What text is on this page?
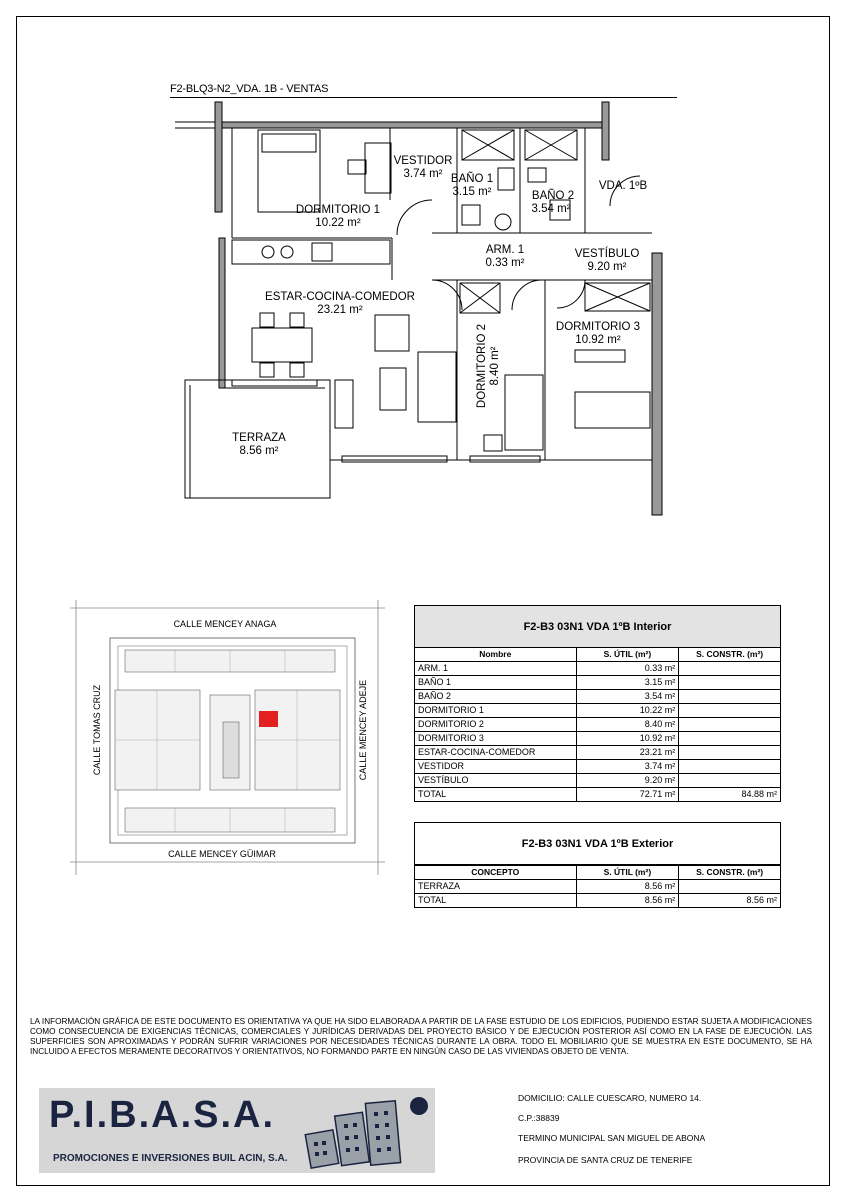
F2-BLQ3-N2_VDA. 1B - VENTAS
VESTIDOR
3.74 m² BAÑO 1
3.15 m²	BAÑO 2
3.54 m²
DORMITORIO 1
10.22 m²
VDA. 1ºB
ARM. 1
0.33 m²
VESTÍBULO
9.20 m²
ESTAR-COCINA-COMEDOR
23.21 m²
DORMITORIO 3
10.92 m²
TERRAZA
8.56 m²
DORMITORIO 2 8.40 m²
CALLE MENCEY ANAGA
CALLE MENCEY GÜIMAR
CALLE TOMAS CRUZ	CALLE MENCEY ADEJE
F2-B3 03N1 VDA 1ºB Interior
Nombre	S. ÚTIL (m²)	S. CONSTR. (m²)
ARM. 1	0.33 m²	
BAÑO 1	3.15 m²	
BAÑO 2	3.54 m²	
DORMITORIO 1	10.22 m²	
DORMITORIO 2	8.40 m²	
DORMITORIO 3	10.92 m²	
ESTAR-COCINA-COMEDOR	23.21 m²	
VESTIDOR	3.74 m²	
VESTÍBULO	9.20 m²	
TOTAL	72.71 m²	84.88 m²
F2-B3 03N1 VDA 1ºB Exterior
CONCEPTO	S. ÚTIL (m²)	S. CONSTR. (m²)
TERRAZA	8.56 m²	
TOTAL	8.56 m²	8.56 m²
LA INFORMACIÓN GRÁFICA DE ESTE DOCUMENTO ES ORIENTATIVA YA QUE HA SIDO ELABORADA A PARTIR DE LA FASE ESTUDIO DE LOS EDIFICIOS, PUDIENDO ESTAR SUJETA A MODIFICACIONES COMO CONSECUENCIA DE EXIGENCIAS TÉCNICAS, COMERCIALES Y JURÍDICAS DERIVADAS DEL PROYECTO BÁSICO Y DE EJECUCIÓN POSTERIOR ASÍ COMO EN LA FASE DE EJECUCIÓN. LAS SUPERFICIES SON APROXIMADAS Y PODRÁN SUFRIR VARIACIONES POR NECESIDADES TÉCNICAS DURANTE LA OBRA. TODO EL MOBILIARIO QUE SE MUESTRA EN ESTE DOCUMENTO, SE HA INCLUIDO A EFECTOS MERAMENTE DECORATIVOS Y ORIENTATIVOS, NO FORMANDO PARTE EN NINGÚN CASO DE LAS VIVIENDAS OBJETO DE VENTA.
P.I.B.A.S.A.
PROMOCIONES E INVERSIONES BUIL ACIN, S.A.
DOMICILIO: CALLE CUESCARO, NUMERO 14.
C.P.:38839
TERMINO MUNICIPAL SAN MIGUEL DE ABONA
PROVINCIA DE SANTA CRUZ DE TENERIFE
